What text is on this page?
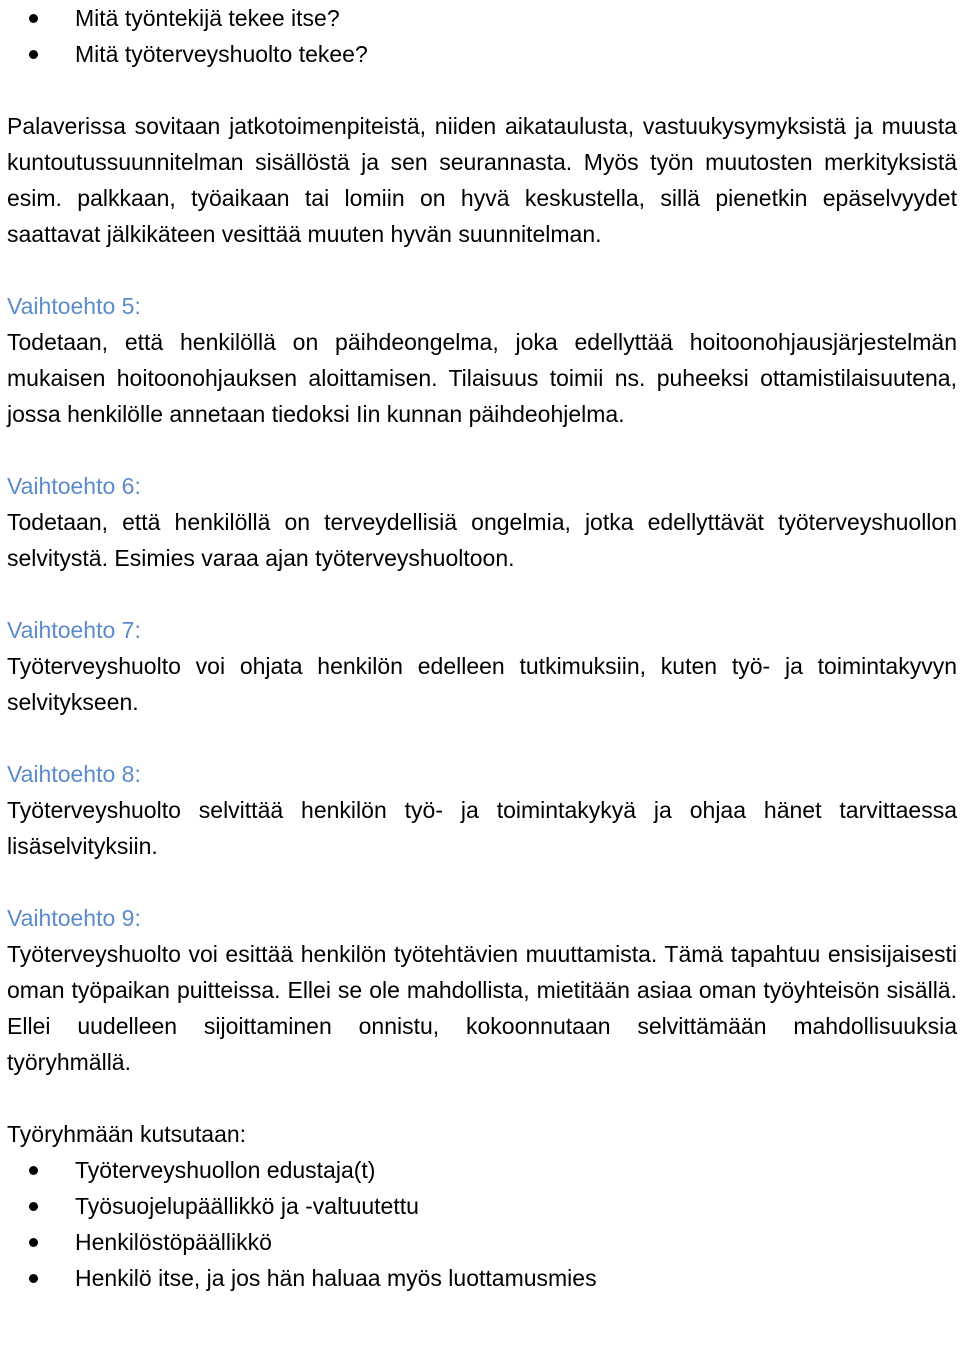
Mitä työntekijä tekee itse?
Mitä työterveyshuolto tekee?

Palaverissa sovitaan jatkotoimenpiteistä, niiden aikataulusta, vastuukysymyksistä ja muusta kuntoutussuunnitelman sisällöstä ja sen seurannasta. Myös työn muutosten merkityksistä esim. palkkaan, työaikaan tai lomiin on hyvä keskustella, sillä pienetkin epäselvyydet saattavat jälkikäteen vesittää muuten hyvän suunnitelman.

Vaihtoehto 5:

Todetaan, että henkilöllä on päihdeongelma, joka edellyttää hoitoonohjausjärjestelmän mukaisen hoitoonohjauksen aloittamisen. Tilaisuus toimii ns. puheeksi ottamistilaisuutena, jossa henkilölle annetaan tiedoksi Iin kunnan päihdeohjelma.

Vaihtoehto 6:

Todetaan, että henkilöllä on terveydellisiä ongelmia, jotka edellyttävät työterveyshuollon selvitystä. Esimies varaa ajan työterveyshuoltoon.

Vaihtoehto 7:

Työterveyshuolto voi ohjata henkilön edelleen tutkimuksiin, kuten työ- ja toimintakyvyn selvitykseen.

Vaihtoehto 8:

Työterveyshuolto selvittää henkilön työ- ja toimintakykyä ja ohjaa hänet tarvittaessa lisäselvityksiin.

Vaihtoehto 9:

Työterveyshuolto voi esittää henkilön työtehtävien muuttamista. Tämä tapahtuu ensisijaisesti oman työpaikan puitteissa. Ellei se ole mahdollista, mietitään asiaa oman työyhteisön sisällä. Ellei uudelleen sijoittaminen onnistu, kokoonnutaan selvittämään mahdollisuuksia työryhmällä.

Työryhmään kutsutaan:

Työterveyshuollon edustaja(t)
Työsuojelupäällikkö ja -valtuutettu
Henkilöstöpäällikkö
Henkilö itse, ja jos hän haluaa myös luottamusmies
